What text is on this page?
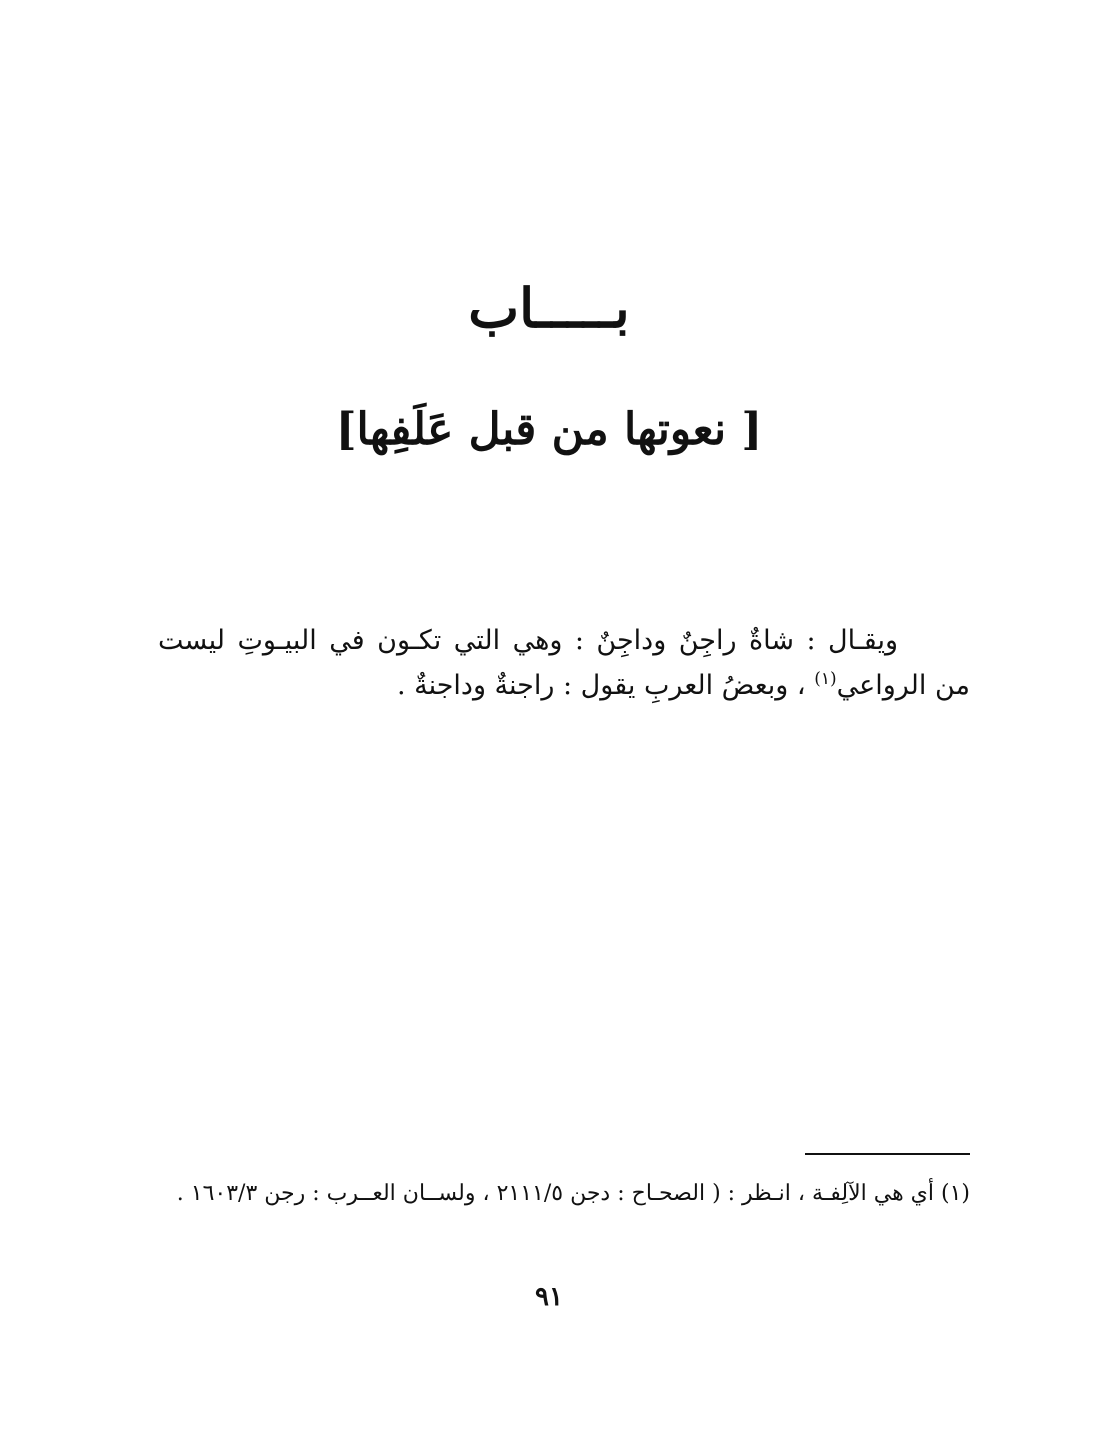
بـــــاب
[ نعوتها من قبل عَلَفِها]

ويقـال : شاةٌ راجِنٌ وداجِنٌ : وهي التي تكـون في البيـوتِ ليست من الرواعي$^{(١)}$ ، وبعضُ العربِ يقول : راجنةٌ وداجنةٌ .

(١) أي هي الآلِفـة ، انـظر : ( الصحـاح : دجن ٢١١١/٥ ، ولســان العــرب : رجن ١٦٠٣/٣ .

٩١
